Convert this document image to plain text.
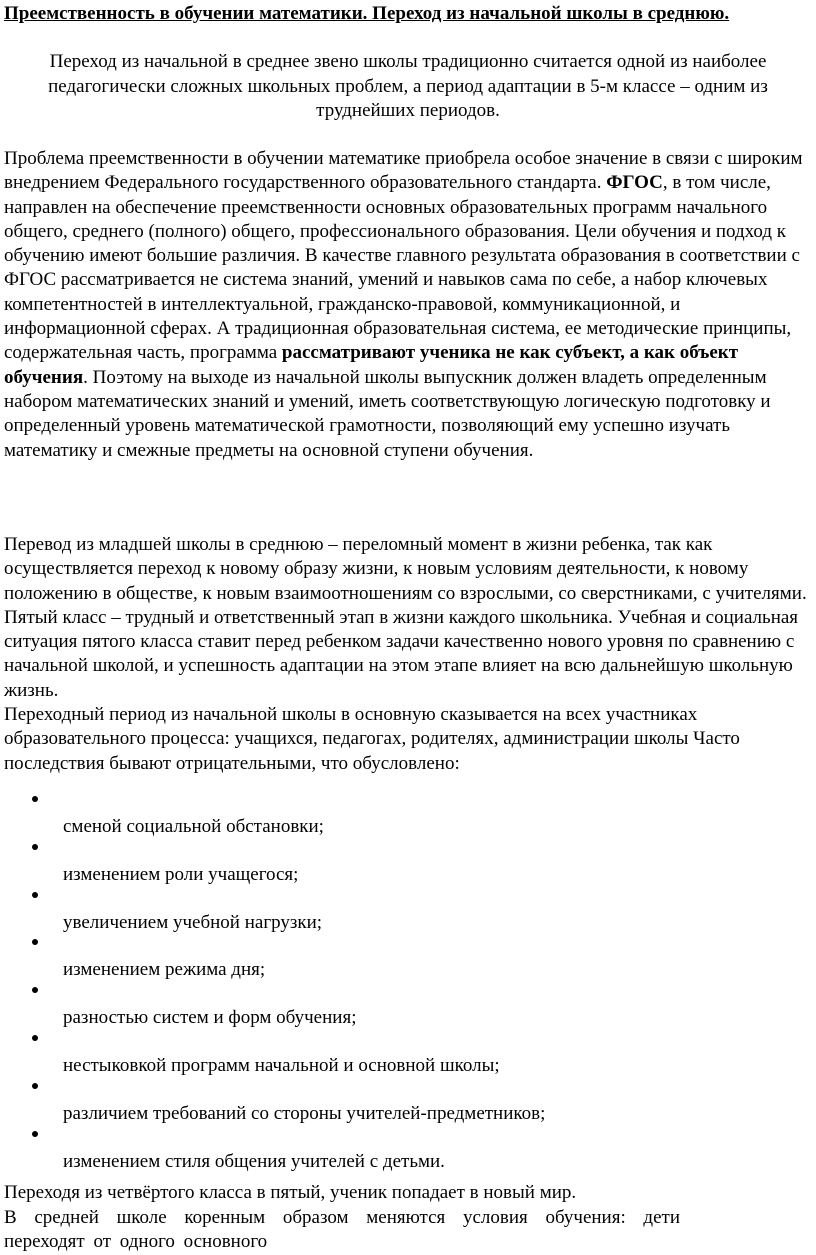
Преемственность в обучении математики. Переход из начальной школы в среднюю.

Переход из начальной в среднее звено школы традиционно считается одной из наиболее педагогически сложных школьных проблем, а период адаптации в 5-м классе – одним из труднейших периодов.

Проблема преемственности в обучении математике приобрела особое значение в связи с широким внедрением Федерального государственного образовательного стандарта. ФГОС, в том числе, направлен на обеспечение преемственности основных образовательных программ начального общего, среднего (полного) общего, профессионального образования. Цели обучения и подход к обучению имеют большие различия. В качестве главного результата образования в соответствии с ФГОС рассматривается не система знаний, умений и навыков сама по себе, а набор ключевых компетентностей в интеллектуальной, гражданско-правовой, коммуникационной, и информационной сферах. А традиционная образовательная система, ее методические принципы, содержательная часть, программа рассматривают ученика не как субъект, а как объект обучения. Поэтому на выходе из начальной школы выпускник должен владеть определенным набором математических знаний и умений, иметь соответствующую логическую подготовку и определенный уровень математической грамотности, позволяющий ему успешно изучать математику и смежные предметы на основной ступени обучения.

Перевод из младшей школы в среднюю – переломный момент в жизни ребенка, так как осуществляется переход к новому образу жизни, к новым условиям деятельности, к новому положению в обществе, к новым взаимоотношениям со взрослыми, со сверстниками, с учителями. Пятый класс – трудный и ответственный этап в жизни каждого школьника. Учебная и социальная ситуация пятого класса ставит перед ребенком задачи качественно нового уровня по сравнению с начальной школой, и успешность адаптации на этом этапе влияет на всю дальнейшую школьную жизнь.

Переходный период из начальной школы в основную сказывается на всех участниках образовательного процесса: учащихся, педагогах, родителях, администрации школы Часто последствия бывают отрицательными, что обусловлено:

сменой социальной обстановки;
изменением роли учащегося;
увеличением учебной нагрузки;
изменением режима дня;
разностью систем и форм обучения;
нестыковкой программ начальной и основной школы;
различием требований со стороны учителей-предметников;
изменением стиля общения учителей с детьми.

Переходя из четвёртого класса в пятый, ученик попадает в новый мир.

В средней школе коренным образом меняются условия обучения: дети переходят от одного основного
